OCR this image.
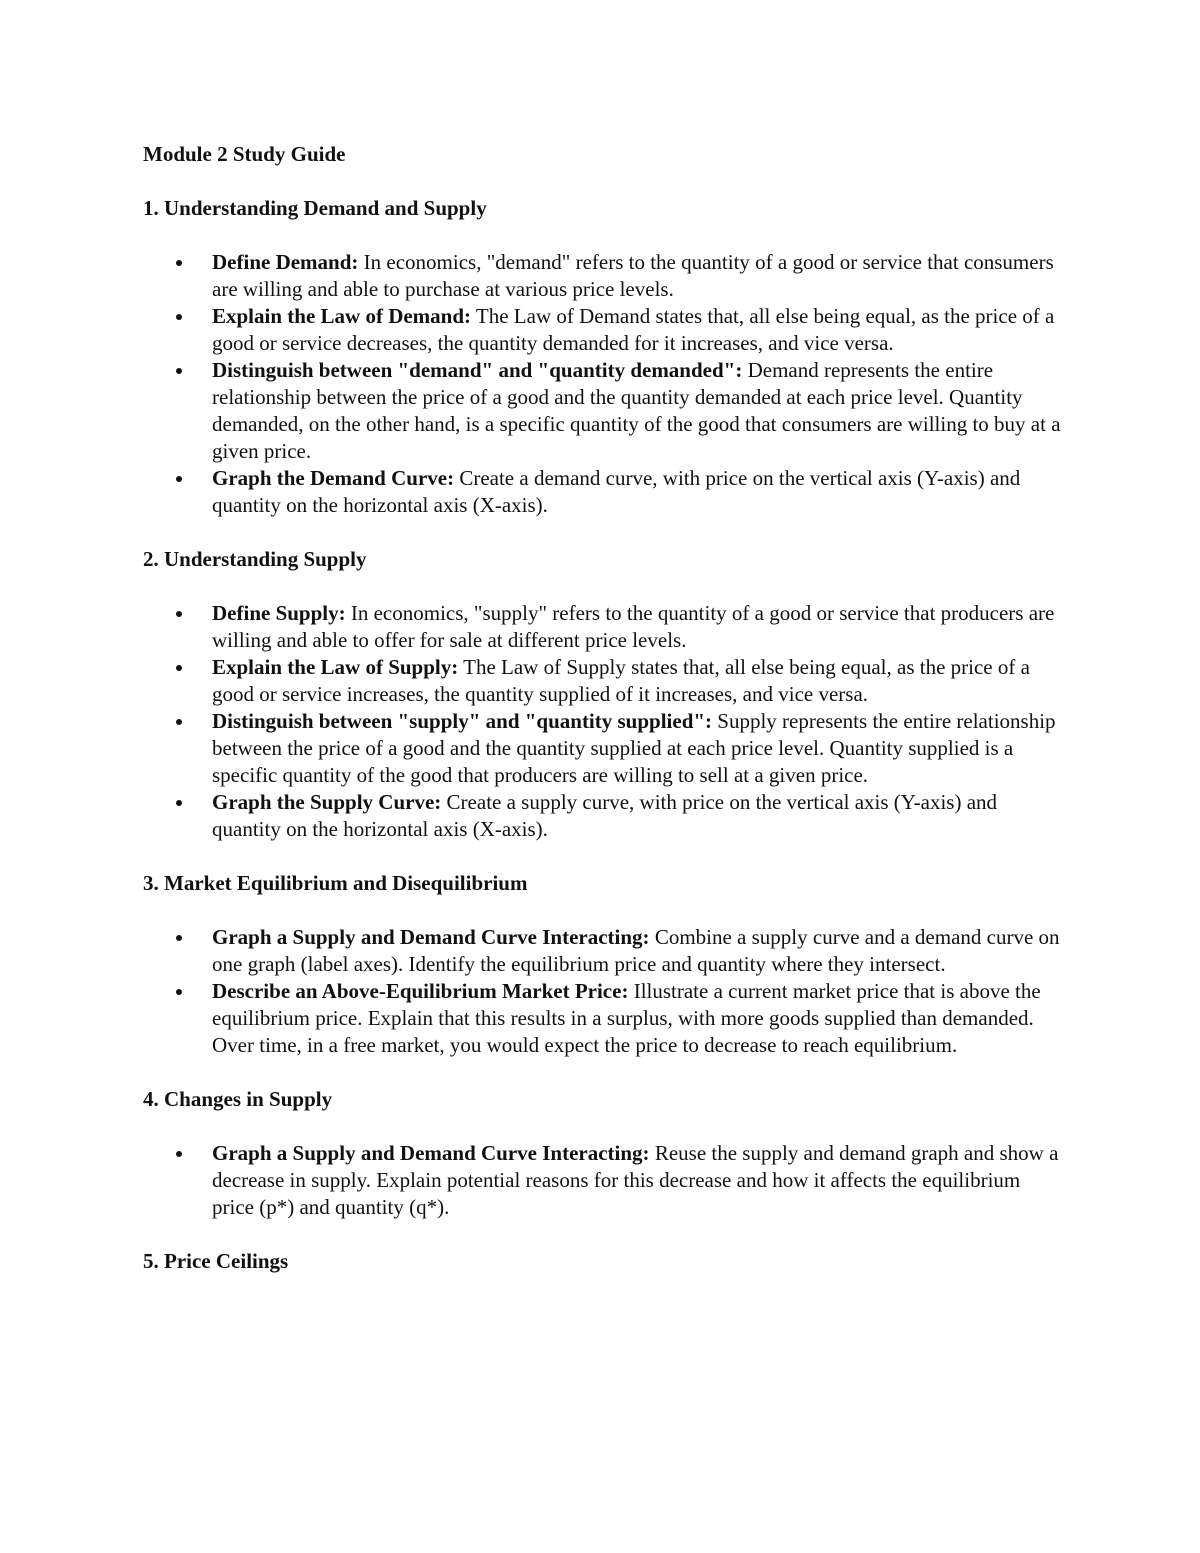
Module 2 Study Guide

1. Understanding Demand and Supply

Define Demand: In economics, "demand" refers to the quantity of a good or service that consumers are willing and able to purchase at various price levels.
Explain the Law of Demand: The Law of Demand states that, all else being equal, as the price of a good or service decreases, the quantity demanded for it increases, and vice versa.
Distinguish between "demand" and "quantity demanded": Demand represents the entire relationship between the price of a good and the quantity demanded at each price level. Quantity demanded, on the other hand, is a specific quantity of the good that consumers are willing to buy at a given price.
Graph the Demand Curve: Create a demand curve, with price on the vertical axis (Y-axis) and quantity on the horizontal axis (X-axis).

2. Understanding Supply

Define Supply: In economics, "supply" refers to the quantity of a good or service that producers are willing and able to offer for sale at different price levels.
Explain the Law of Supply: The Law of Supply states that, all else being equal, as the price of a good or service increases, the quantity supplied of it increases, and vice versa.
Distinguish between "supply" and "quantity supplied": Supply represents the entire relationship between the price of a good and the quantity supplied at each price level. Quantity supplied is a specific quantity of the good that producers are willing to sell at a given price.
Graph the Supply Curve: Create a supply curve, with price on the vertical axis (Y-axis) and quantity on the horizontal axis (X-axis).

3. Market Equilibrium and Disequilibrium

Graph a Supply and Demand Curve Interacting: Combine a supply curve and a demand curve on one graph (label axes). Identify the equilibrium price and quantity where they intersect.
Describe an Above-Equilibrium Market Price: Illustrate a current market price that is above the equilibrium price. Explain that this results in a surplus, with more goods supplied than demanded. Over time, in a free market, you would expect the price to decrease to reach equilibrium.

4. Changes in Supply

Graph a Supply and Demand Curve Interacting: Reuse the supply and demand graph and show a decrease in supply. Explain potential reasons for this decrease and how it affects the equilibrium price (p*) and quantity (q*).

5. Price Ceilings
